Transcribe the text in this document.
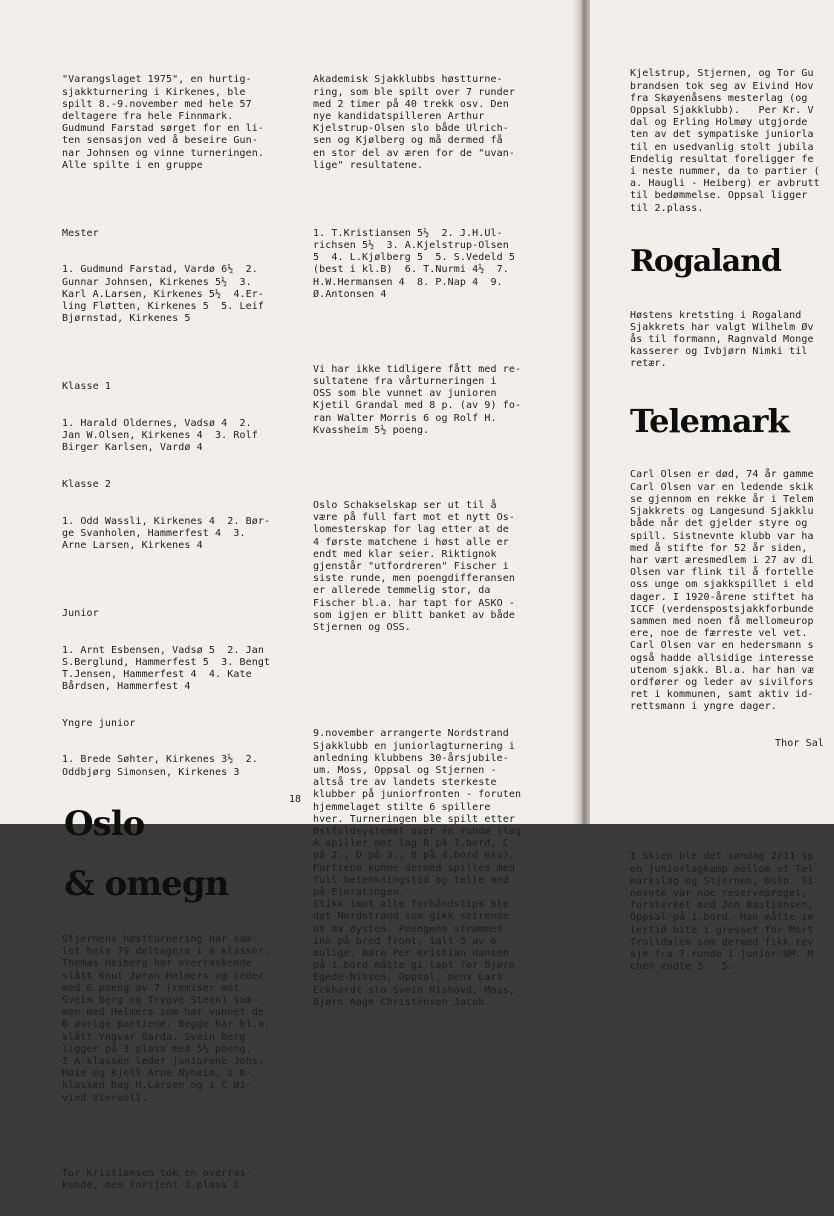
"Varangslaget 1975", en hurtig-
sjakkturnering i Kirkenes, ble
spilt 8.-9.november med hele 57
deltagere fra hele Finnmark.
Gudmund Farstad sørget for en li-
ten sensasjon ved å beseire Gun-
nar Johnsen og vinne turneringen.
Alle spilte i en gruppe

Mester

1. Gudmund Farstad, Vardø 6½  2.
Gunnar Johnsen, Kirkenes 5½  3.
Karl A.Larsen, Kirkenes 5½  4.Er-
ling Fløtten, Kirkenes 5  5. Leif
Bjørnstad, Kirkenes 5

Klasse 1

1. Harald Oldernes, Vadsø 4  2.
Jan W.Olsen, Kirkenes 4  3. Rolf
Birger Karlsen, Vardø 4

Klasse 2

1. Odd Wassli, Kirkenes 4  2. Bør-
ge Svanholen, Hammerfest 4  3.
Arne Larsen, Kirkenes 4

Junior

1. Arnt Esbensen, Vadsø 5  2. Jan
S.Berglund, Hammerfest 5  3. Bengt
T.Jensen, Hammerfest 4  4. Kate
Bårdsen, Hammerfest 4

Yngre junior

1. Brede Søhter, Kirkenes 3½  2.
Oddbjørg Simonsen, Kirkenes 3

Oslo

& omegn

Stjernens høstturnering har sam-
let hele 79 deltagere i 4 klasser.
Thomas Heiberg har overraskende
slått Knut Jøran Helmers og leder
med 6 poeng av 7 (remiser mot
Svein Berg og Trygve Steen) sam-
men med Helmers som har vunnet de
6 øvrige partiene. Begge har bl.a.
slått Yngvar Barda. Svein Berg
ligger på 3.plass med 5½ poeng.
I A-klassen leder juniorene Johs.
Høie og Kjell Arne Nyheim, i B-
klassen Dag H.Larsen og i C Øi-
vind Viervoll.

Tor Kristiansen tok en overras-
kende, men fortjent 1.plass i

Akademisk Sjakklubbs høstturne-
ring, som ble spilt over 7 runder
med 2 timer på 40 trekk osv. Den
nye kandidatspilleren Arthur
Kjelstrup-Olsen slo både Ulrich-
sen og Kjølberg og må dermed få
en stor del av æren for de "uvan-
lige" resultatene.

1. T.Kristiansen 5½  2. J.H.Ul-
richsen 5½  3. A.Kjelstrup-Olsen
5  4. L.Kjølberg 5  5. S.Vedeld 5
(best i kl.B)  6. T.Nurmi 4½  7.
H.W.Hermansen 4  8. P.Nap 4  9.
Ø.Antonsen 4

Vi har ikke tidligere fått med re-
sultatene fra vårturneringen i
OSS som ble vunnet av junioren
Kjetil Grandal med 8 p. (av 9) fo-
ran Walter Morris 6 og Rolf H.
Kvassheim 5½ poeng.

Oslo Schakselskap ser ut til å
være på full fart mot et nytt Os-
lomesterskap for lag etter at de
4 første matchene i høst alle er
endt med klar seier. Riktignok
gjenstår "utfordreren" Fischer i
siste runde, men poengdifferansen
er allerede temmelig stor, da
Fischer bl.a. har tapt for ASKO -
som igjen er blitt banket av både
Stjernen og OSS.

9.november arrangerte Nordstrand
Sjakklubb en juniorlagturnering i
anledning klubbens 30-årsjubile-
um. Moss, Oppsal og Stjernen -
altså tre av landets sterkeste
klubber på juniorfronten - foruten
hjemmelaget stilte 6 spillere
hver. Turneringen ble spilt etter
Østfoldsystemet over én runde (lag
A spiller mot lag B på 1.bord, C
på 2., D på 3., B på 4.bord osv).
Partiene kunne dermed spilles med
full betenkningstid og telle med
på Eloratingen.
Stikk imot alle forhåndstips ble
det Nordstrand som gikk seirende
ut av dysten. Poengene strømmet
inn på bred front, ialt 5 av 6
mulige. Bare Per Kristian Hansen
på 1.bord måtte gi tapt for Bjørn
Egede-Nissen, Oppsal, mens Lars
Eckhardt slo Svein Rishovd, Moss,
Bjørn Aage Christenson Jacob

18

Kjelstrup, Stjernen, og Tor Gu
brandsen tok seg av Eivind Hov
fra Skøyenåsens mesterlag (og
Oppsal Sjakklubb).   Per Kr. V
dal og Erling Holmøy utgjorde
ten av det sympatiske juniorla
til en usedvanlig stolt jubila
Endelig resultat foreligger fe
i neste nummer, da to partier (
a. Haugli - Heiberg) er avbrutt
til bedømmelse. Oppsal ligger
til 2.plass.

Rogaland

Høstens kretsting i Rogaland
Sjakkrets har valgt Wilhelm Øv
ås til formann, Ragnvald Monge
kasserer og Ivbjørn Nimki til
retær.

Telemark

Carl Olsen er død, 74 år gamme
Carl Olsen var en ledende skik
se gjennom en rekke år i Telem
Sjakkrets og Langesund Sjakklu
både når det gjelder styre og
spill. Sistnevnte klubb var ha
med å stifte for 52 år siden,
har vært æresmedlem i 27 av di
Olsen var flink til å fortelle
oss unge om sjakkspillet i eld
dager. I 1920-årene stiftet ha
ICCF (verdenspostsjakkforbunde
sammen med noen få mellomeurop
ere, noe de færreste vel vet.
Carl Olsen var en hedersmann s
også hadde allsidige interesse
utenom sjakk. Bl.a. har han væ
ordfører og leder av sivilfors
ret i kommunen, samt aktiv id-
rettsmann i yngre dager.

Thor Sal

I Skien ble det søndag 2/11 sp
en juniorlagkamp mellom et Tel
markslag og Stjernen, Oslo. Si
nevnte var noe reservepreget,
forsterket med Jon Bastiansen,
Oppsal på 1.bord. Han måtte im
lertid bite i gresset for Mort
Trolldalen som dermed fikk rev
sje fra 7.runde i junior-NM. M
chen endte 5 - 5.
